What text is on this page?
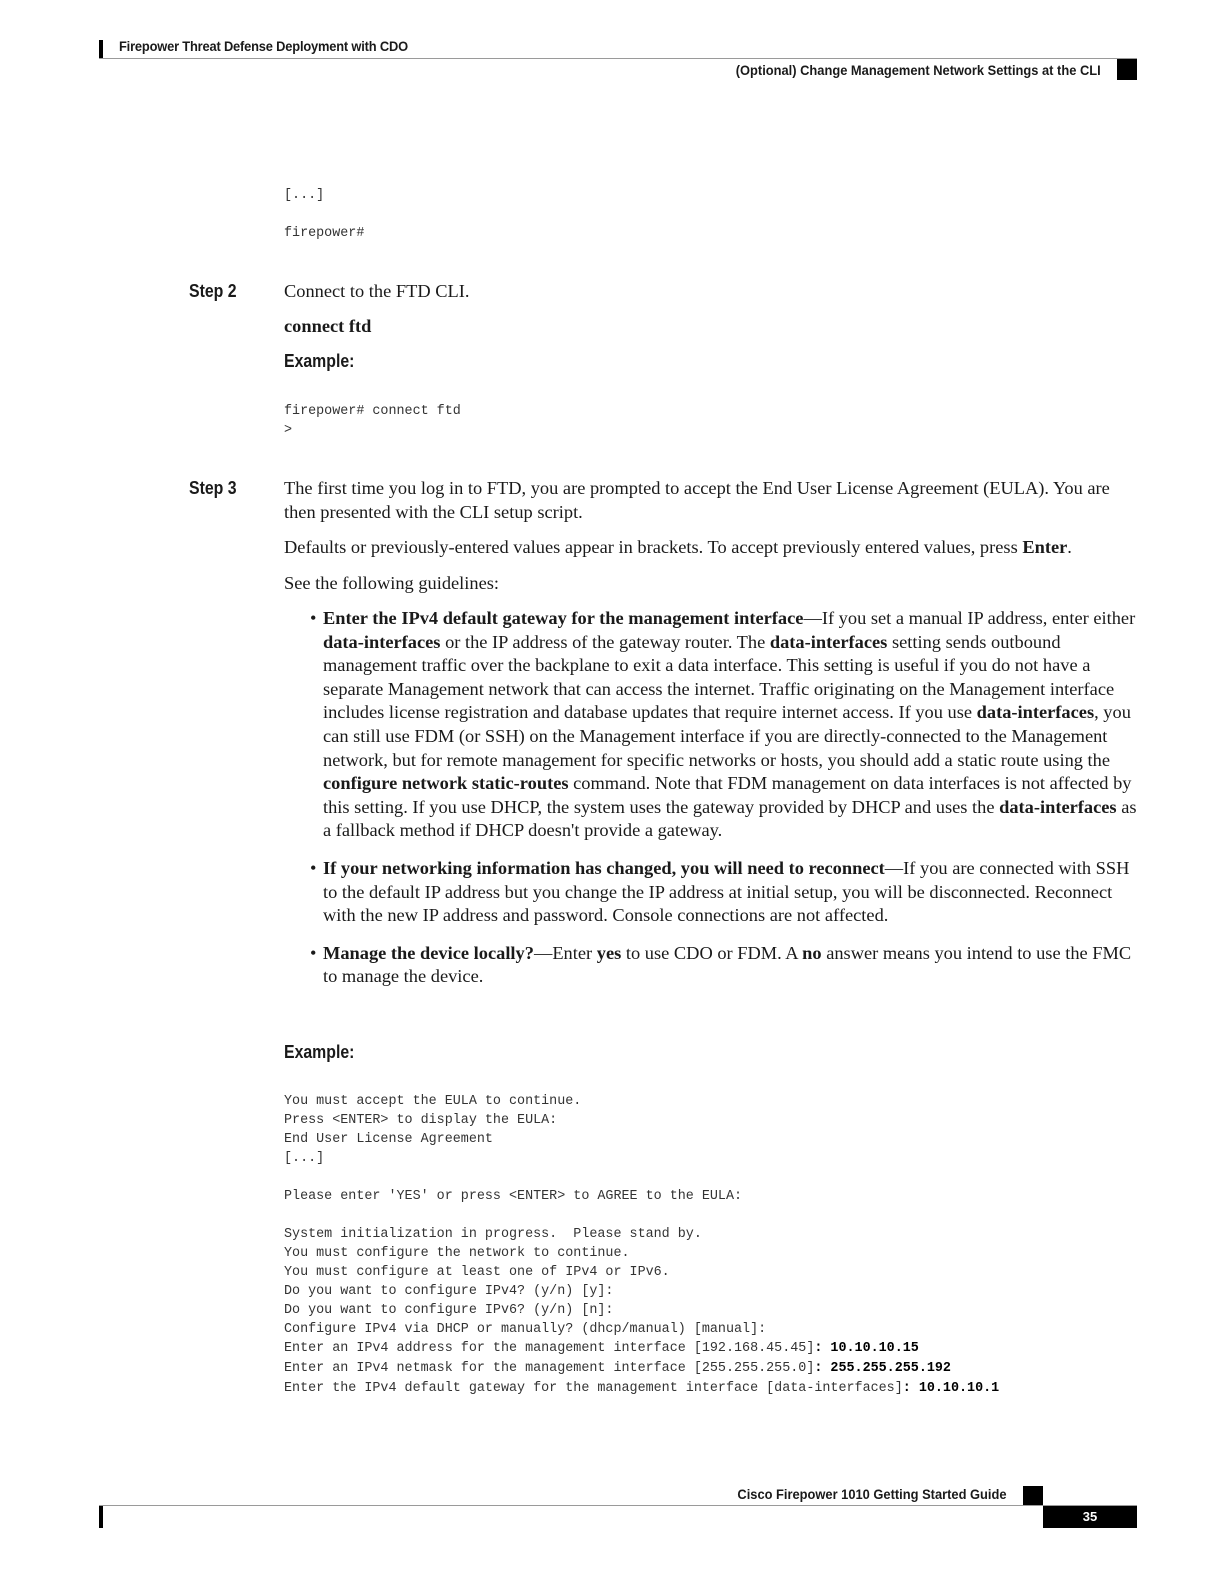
Firepower Threat Defense Deployment with CDO
(Optional) Change Management Network Settings at the CLI
[...]
firepower#
Step 2	Connect to the FTD CLI.
connect ftd
Example:
firepower# connect ftd
>
Step 3	The first time you log in to FTD, you are prompted to accept the End User License Agreement (EULA). You are then presented with the CLI setup script.
Defaults or previously-entered values appear in brackets. To accept previously entered values, press Enter.
See the following guidelines:
• Enter the IPv4 default gateway for the management interface—If you set a manual IP address, enter either data-interfaces or the IP address of the gateway router. The data-interfaces setting sends outbound management traffic over the backplane to exit a data interface. This setting is useful if you do not have a separate Management network that can access the internet. Traffic originating on the Management interface includes license registration and database updates that require internet access. If you use data-interfaces, you can still use FDM (or SSH) on the Management interface if you are directly-connected to the Management network, but for remote management for specific networks or hosts, you should add a static route using the configure network static-routes command. Note that FDM management on data interfaces is not affected by this setting. If you use DHCP, the system uses the gateway provided by DHCP and uses the data-interfaces as a fallback method if DHCP doesn't provide a gateway.
• If your networking information has changed, you will need to reconnect—If you are connected with SSH to the default IP address but you change the IP address at initial setup, you will be disconnected. Reconnect with the new IP address and password. Console connections are not affected.
• Manage the device locally?—Enter yes to use CDO or FDM. A no answer means you intend to use the FMC to manage the device.
Example:
You must accept the EULA to continue.
Press <ENTER> to display the EULA:
End User License Agreement
[...]
Please enter 'YES' or press <ENTER> to AGREE to the EULA:
System initialization in progress.  Please stand by.
You must configure the network to continue.
You must configure at least one of IPv4 or IPv6.
Do you want to configure IPv4? (y/n) [y]:
Do you want to configure IPv6? (y/n) [n]:
Configure IPv4 via DHCP or manually? (dhcp/manual) [manual]:
Enter an IPv4 address for the management interface [192.168.45.45]: 10.10.10.15
Enter an IPv4 netmask for the management interface [255.255.255.0]: 255.255.255.192
Enter the IPv4 default gateway for the management interface [data-interfaces]: 10.10.10.1
Cisco Firepower 1010 Getting Started Guide
35
